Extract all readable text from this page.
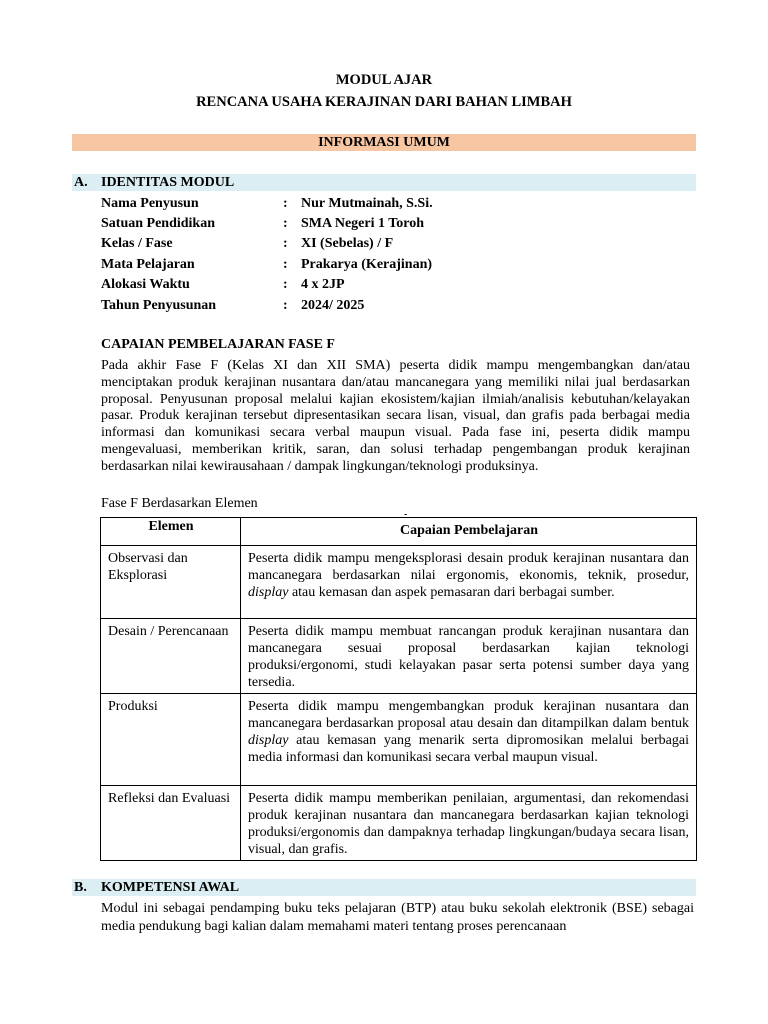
MODUL AJAR
RENCANA USAHA KERAJINAN DARI BAHAN LIMBAH
INFORMASI UMUM
A. IDENTITAS MODUL
Nama Penyusun	: Nur Mutmainah, S.Si.
Satuan Pendidikan	: SMA Negeri 1 Toroh
Kelas / Fase	: XI (Sebelas) / F
Mata Pelajaran	: Prakarya (Kerajinan)
Alokasi Waktu	: 4 x 2JP
Tahun Penyusunan	: 2024/ 2025
CAPAIAN PEMBELAJARAN FASE F
Pada akhir Fase F (Kelas XI dan XII SMA) peserta didik mampu mengembangkan dan/atau menciptakan produk kerajinan nusantara dan/atau mancanegara yang memiliki nilai jual berdasarkan proposal. Penyusunan proposal melalui kajian ekosistem/kajian ilmiah/analisis kebutuhan/kelayakan pasar. Produk kerajinan tersebut dipresentasikan secara lisan, visual, dan grafis pada berbagai media informasi dan komunikasi secara verbal maupun visual. Pada fase ini, peserta didik mampu mengevaluasi, memberikan kritik, saran, dan solusi terhadap pengembangan produk kerajinan berdasarkan nilai kewirausahaan / dampak lingkungan/teknologi produksinya.
Fase F Berdasarkan Elemen
-
Elemen	Capaian Pembelajaran
Observasi dan Eksplorasi	Peserta didik mampu mengeksplorasi desain produk kerajinan nusantara dan mancanegara berdasarkan nilai ergonomis, ekonomis, teknik, prosedur, display atau kemasan dan aspek pemasaran dari berbagai sumber.
Desain / Perencanaan	Peserta didik mampu membuat rancangan produk kerajinan nusantara dan mancanegara sesuai proposal berdasarkan kajian teknologi produksi/ergonomi, studi kelayakan pasar serta potensi sumber daya yang tersedia.
Produksi	Peserta didik mampu mengembangkan produk kerajinan nusantara dan mancanegara berdasarkan proposal atau desain dan ditampilkan dalam bentuk display atau kemasan yang menarik serta dipromosikan melalui berbagai media informasi dan komunikasi secara verbal maupun visual.
Refleksi dan Evaluasi	Peserta didik mampu memberikan penilaian, argumentasi, dan rekomendasi produk kerajinan nusantara dan mancanegara berdasarkan kajian teknologi produksi/ergonomis dan dampaknya terhadap lingkungan/budaya secara lisan, visual, dan grafis.
B. KOMPETENSI AWAL
Modul ini sebagai pendamping buku teks pelajaran (BTP) atau buku sekolah elektronik (BSE) sebagai media pendukung bagi kalian dalam memahami materi tentang proses perencanaan
